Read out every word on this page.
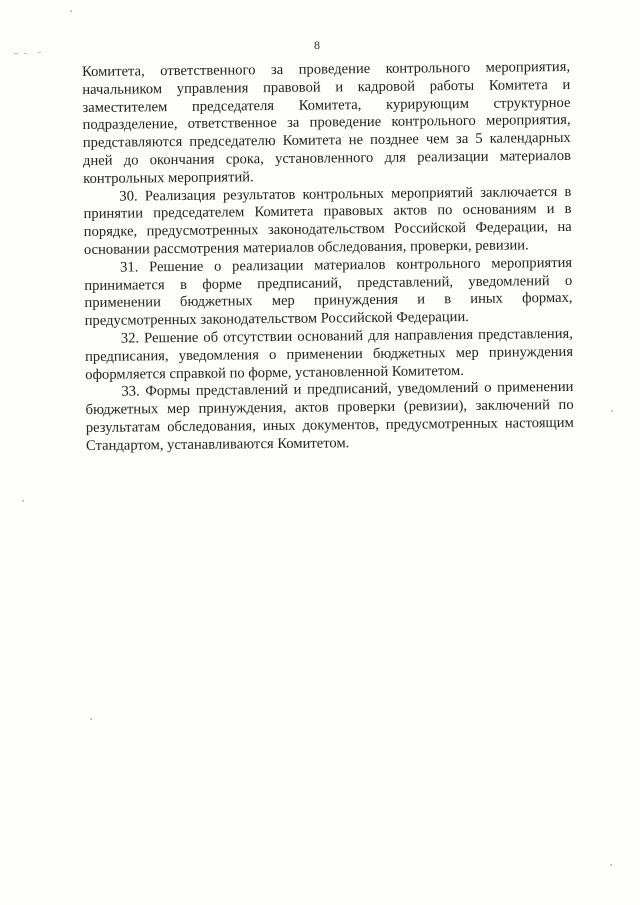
8

Комитета, ответственного за проведение контрольного мероприятия, начальником управления правовой и кадровой работы Комитета и заместителем председателя Комитета, курирующим структурное подразделение, ответственное за проведение контрольного мероприятия, представляются председателю Комитета не позднее чем за 5 календарных дней до окончания срока, установленного для реализации материалов контрольных мероприятий.

30. Реализация результатов контрольных мероприятий заключается в принятии председателем Комитета правовых актов по основаниям и в порядке, предусмотренных законодательством Российской Федерации, на основании рассмотрения материалов обследования, проверки, ревизии.

31. Решение о реализации материалов контрольного мероприятия принимается в форме предписаний, представлений, уведомлений о применении бюджетных мер принуждения и в иных формах, предусмотренных законодательством Российской Федерации.

32. Решение об отсутствии оснований для направления представления, предписания, уведомления о применении бюджетных мер принуждения оформляется справкой по форме, установленной Комитетом.

33. Формы представлений и предписаний, уведомлений о применении бюджетных мер принуждения, актов проверки (ревизии), заключений по результатам обследования, иных документов, предусмотренных настоящим Стандартом, устанавливаются Комитетом.
